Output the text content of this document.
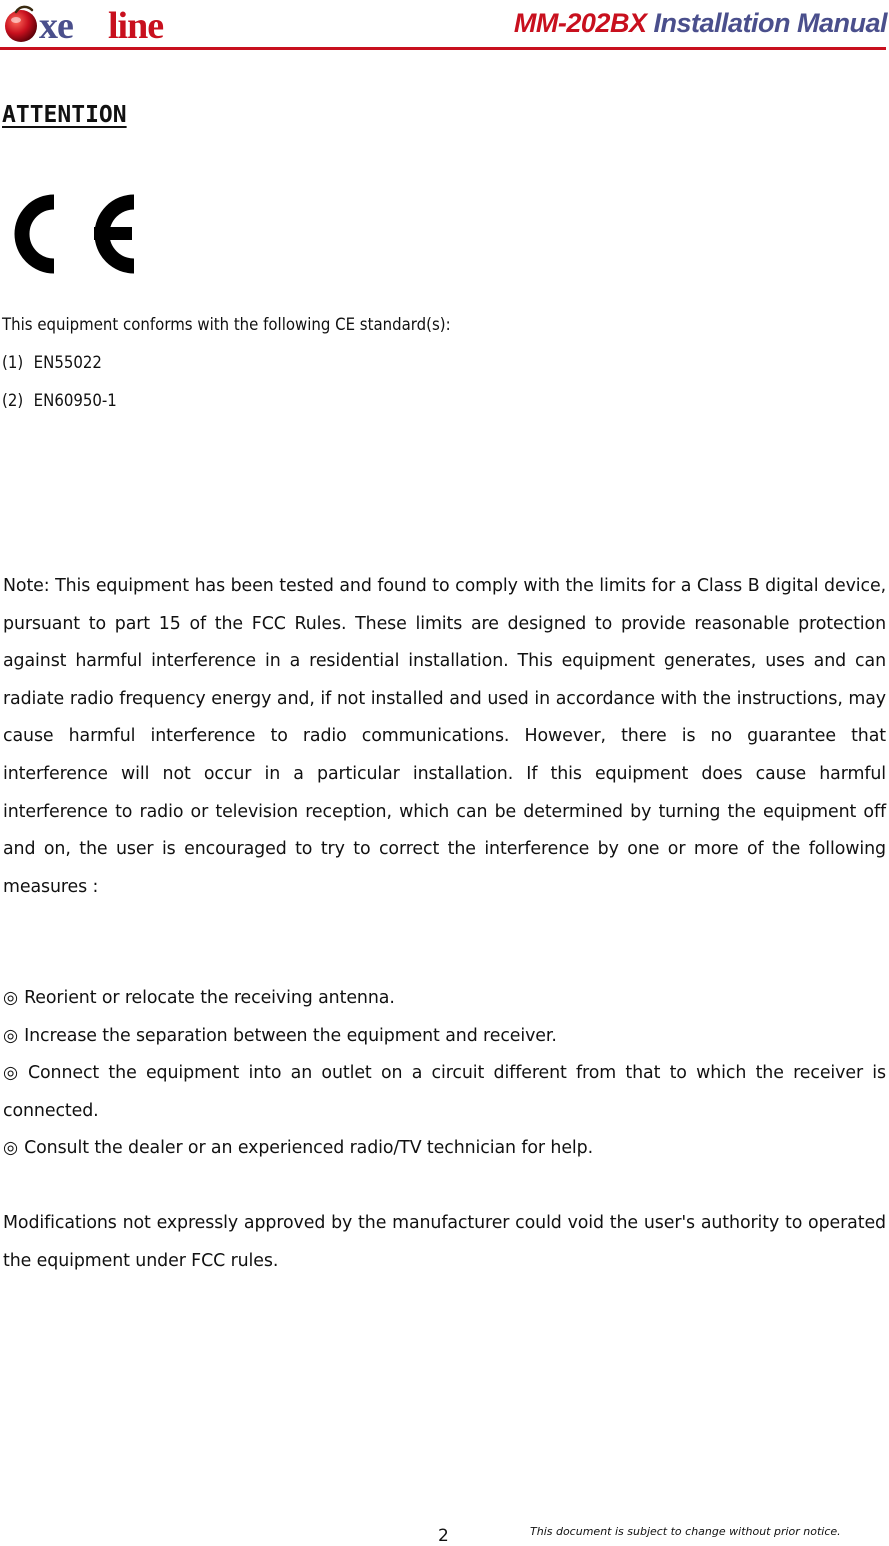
xe line	MM-202BX Installation Manual
ATTENTION
This equipment conforms with the following CE standard(s):
(1) EN55022
(2) EN60950-1
Note: This equipment has been tested and found to comply with the limits for a Class B digital device, pursuant to part 15 of the FCC Rules. These limits are designed to provide reasonable protection against harmful interference in a residential installation. This equipment generates, uses and can radiate radio frequency energy and, if not installed and used in accordance with the instructions, may cause harmful interference to radio communications. However, there is no guarantee that interference will not occur in a particular installation. If this equipment does cause harmful interference to radio or television reception, which can be determined by turning the equipment off and on, the user is encouraged to try to correct the interference by one or more of the following measures :

◎ Reorient or relocate the receiving antenna.

◎ Increase the separation between the equipment and receiver.

◎ Connect the equipment into an outlet on a circuit different from that to which the receiver is connected.

◎ Consult the dealer or an experienced radio/TV technician for help.

Modifications not expressly approved by the manufacturer could void the user's authority to operated the equipment under FCC rules.
2	This document is subject to change without prior notice.
